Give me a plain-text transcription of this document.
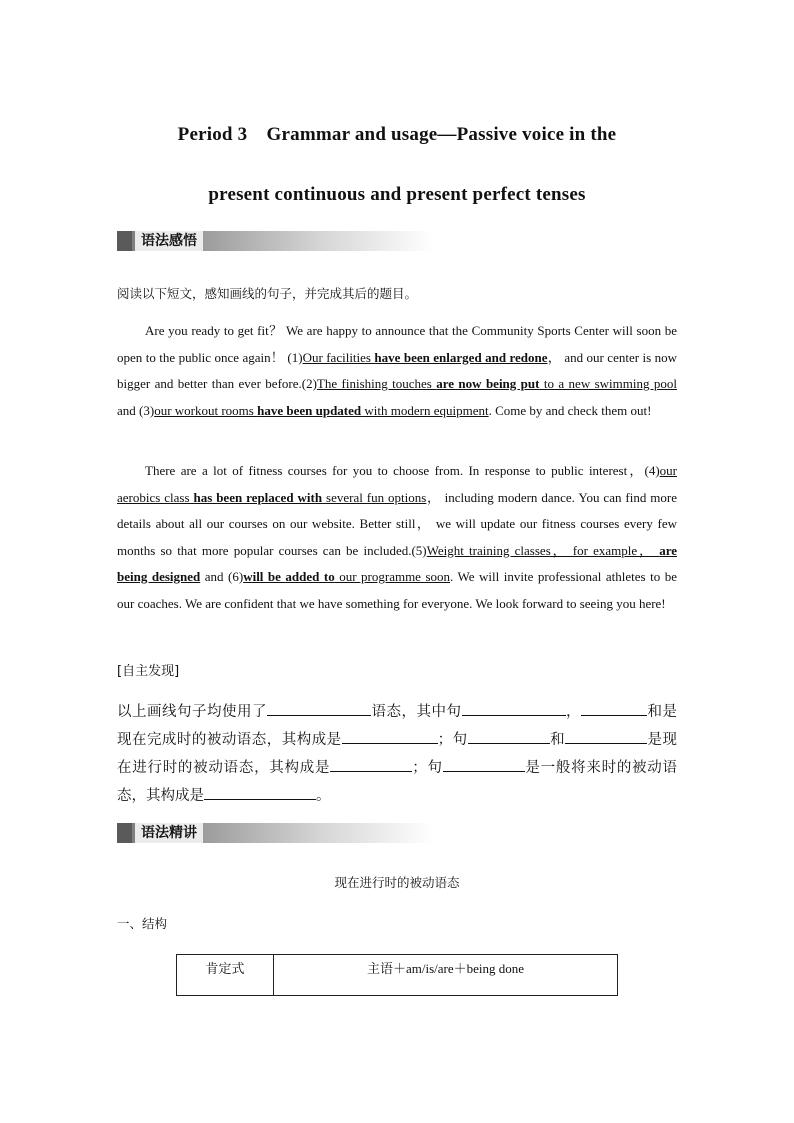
Period 3 Grammar and usage—Passive voice in the
present continuous and present perfect tenses
语法感悟
阅读以下短文，感知画线的句子，并完成其后的题目。

Are you ready to get fit？ We are happy to announce that the Community Sports Center will soon be open to the public once again！ (1)Our facilities have been enlarged and redone， and our center is now bigger and better than ever before.(2)The finishing touches are now being put to a new swimming pool and (3)our workout rooms have been updated with modern equipment. Come by and check them out!

There are a lot of fitness courses for you to choose from. In response to public interest，(4)our aerobics class has been replaced with several fun options， including modern dance. You can find more details about all our courses on our website. Better still， we will update our fitness courses every few months so that more popular courses can be included.(5)Weight training classes， for example， are being designed and (6)will be added to our programme soon. We will invite professional athletes to be our coaches. We are confident that we have something for everyone. We look forward to seeing you here!

[自主发现]
以上画线句子均使用了	语态，其中句	，	和是现在完成时的被动语态，其构成是	；句	和	是现在进行时的被动语态，其构成是	；句	是一般将来时的被动语态，其构成是	。
语法精讲
现在进行时的被动语态
一、结构
肯定式	主语＋am/is/are＋being done
